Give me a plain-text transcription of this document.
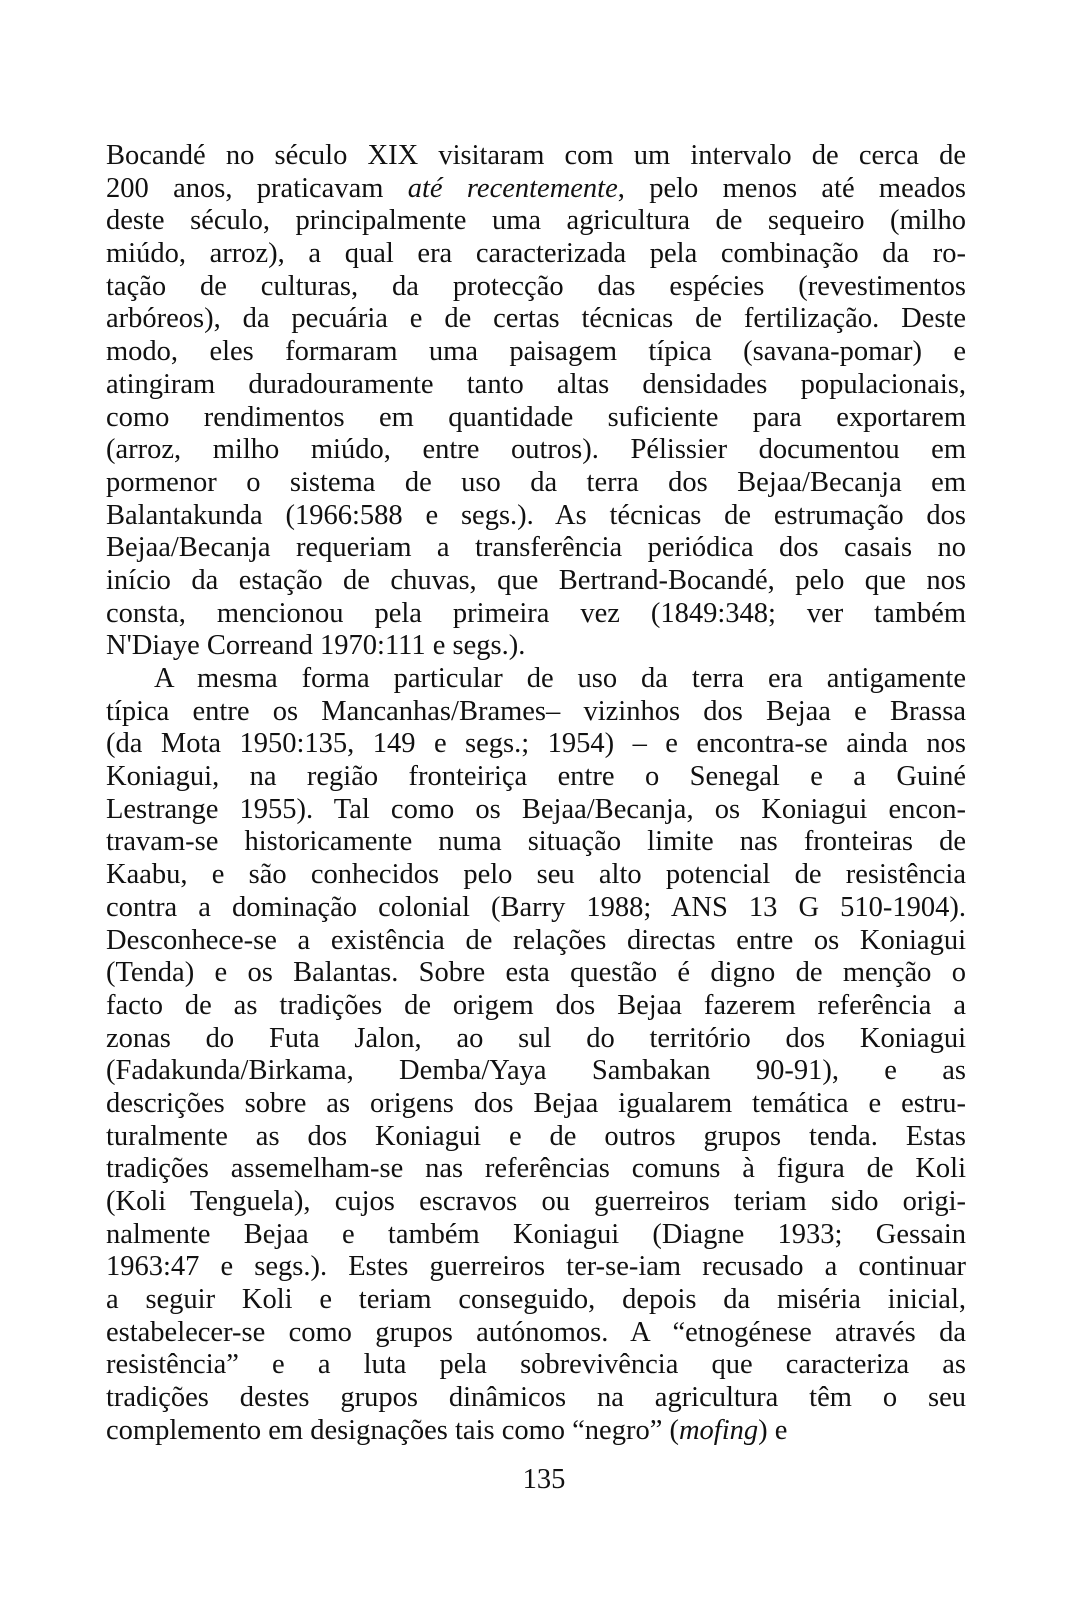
Bocandé no século XIX visitaram com um intervalo de cerca de
200 anos, praticavam até recentemente, pelo menos até meados
deste século, principalmente uma agricultura de sequeiro (milho
miúdo, arroz), a qual era caracterizada pela combinação da ro-
tação de culturas, da protecção das espécies (revestimentos
arbóreos), da pecuária e de certas técnicas de fertilização. Deste
modo, eles formaram uma paisagem típica (savana-pomar) e
atingiram duradouramente tanto altas densidades populacionais,
como rendimentos em quantidade suficiente para exportarem
(arroz, milho miúdo, entre outros). Pélissier documentou em
pormenor o sistema de uso da terra dos Bejaa/Becanja em
Balantakunda (1966:588 e segs.). As técnicas de estrumação dos
Bejaa/Becanja requeriam a transferência periódica dos casais no
início da estação de chuvas, que Bertrand-Bocandé, pelo que nos
consta, mencionou pela primeira vez (1849:348; ver também
N'Diaye Correand 1970:111 e segs.).
A mesma forma particular de uso da terra era antigamente
típica entre os Mancanhas/Brames– vizinhos dos Bejaa e Brassa
(da Mota 1950:135, 149 e segs.; 1954) – e encontra-se ainda nos
Koniagui, na região fronteiriça entre o Senegal e a Guiné
Lestrange 1955). Tal como os Bejaa/Becanja, os Koniagui encon-
travam-se historicamente numa situação limite nas fronteiras de
Kaabu, e são conhecidos pelo seu alto potencial de resistência
contra a dominação colonial (Barry 1988; ANS 13 G 510-1904).
Desconhece-se a existência de relações directas entre os Koniagui
(Tenda) e os Balantas. Sobre esta questão é digno de menção o
facto de as tradições de origem dos Bejaa fazerem referência a
zonas do Futa Jalon, ao sul do território dos Koniagui
(Fadakunda/Birkama, Demba/Yaya Sambakan 90-91), e as
descrições sobre as origens dos Bejaa igualarem temática e estru-
turalmente as dos Koniagui e de outros grupos tenda. Estas
tradições assemelham-se nas referências comuns à figura de Koli
(Koli Tenguela), cujos escravos ou guerreiros teriam sido origi-
nalmente Bejaa e também Koniagui (Diagne 1933; Gessain
1963:47 e segs.). Estes guerreiros ter-se-iam recusado a continuar
a seguir Koli e teriam conseguido, depois da miséria inicial,
estabelecer-se como grupos autónomos. A “etnogénese através da
resistência” e a luta pela sobrevivência que caracteriza as
tradições destes grupos dinâmicos na agricultura têm o seu
complemento em designações tais como “negro” (mofing) e
135
